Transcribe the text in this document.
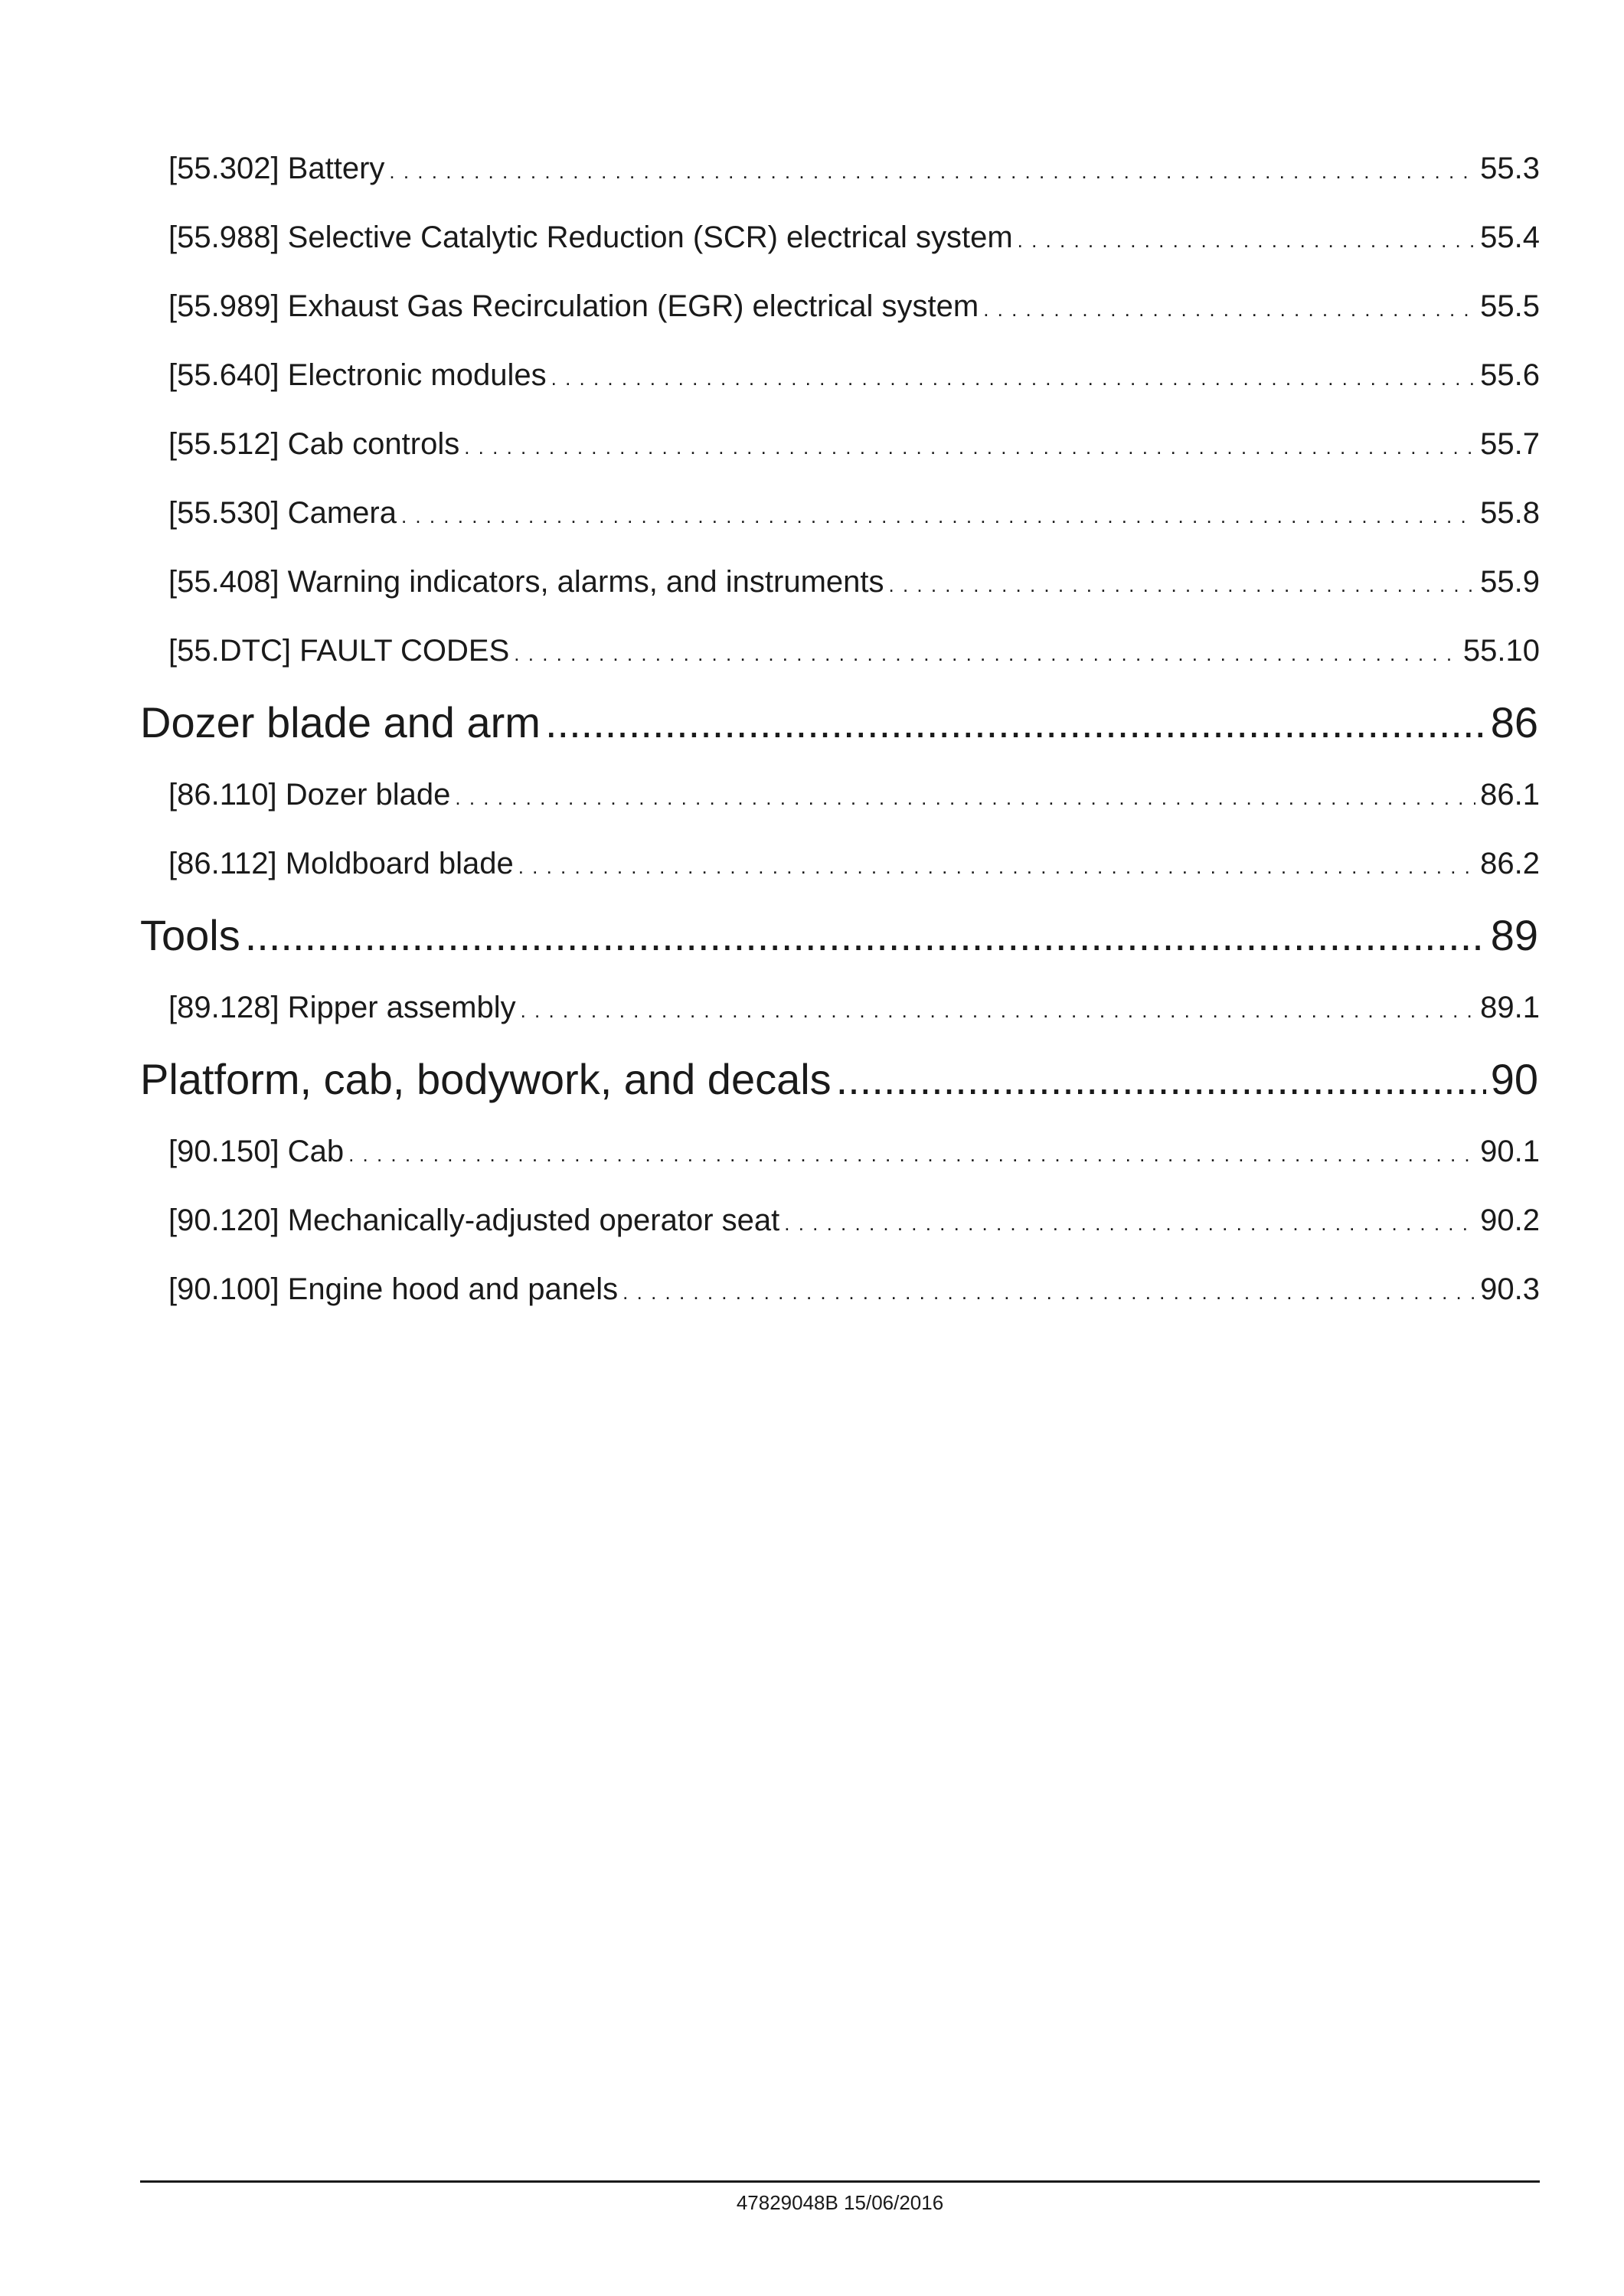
[55.302] Battery . . .	55.3
[55.988] Selective Catalytic Reduction (SCR) electrical system . . .	55.4
[55.989] Exhaust Gas Recirculation (EGR) electrical system . . .	55.5
[55.640] Electronic modules . . .	55.6
[55.512] Cab controls . . .	55.7
[55.530] Camera . . .	55.8
[55.408] Warning indicators, alarms, and instruments . . .	55.9
[55.DTC] FAULT CODES . . .	55.10
Dozer blade and arm .....	86
[86.110] Dozer blade . . .	86.1
[86.112] Moldboard blade . . .	86.2
Tools .....	89
[89.128] Ripper assembly . . .	89.1
Platform, cab, bodywork, and decals .....	90
[90.150] Cab . . .	90.1
[90.120] Mechanically-adjusted operator seat . . .	90.2
[90.100] Engine hood and panels . . .	90.3
47829048B 15/06/2016
